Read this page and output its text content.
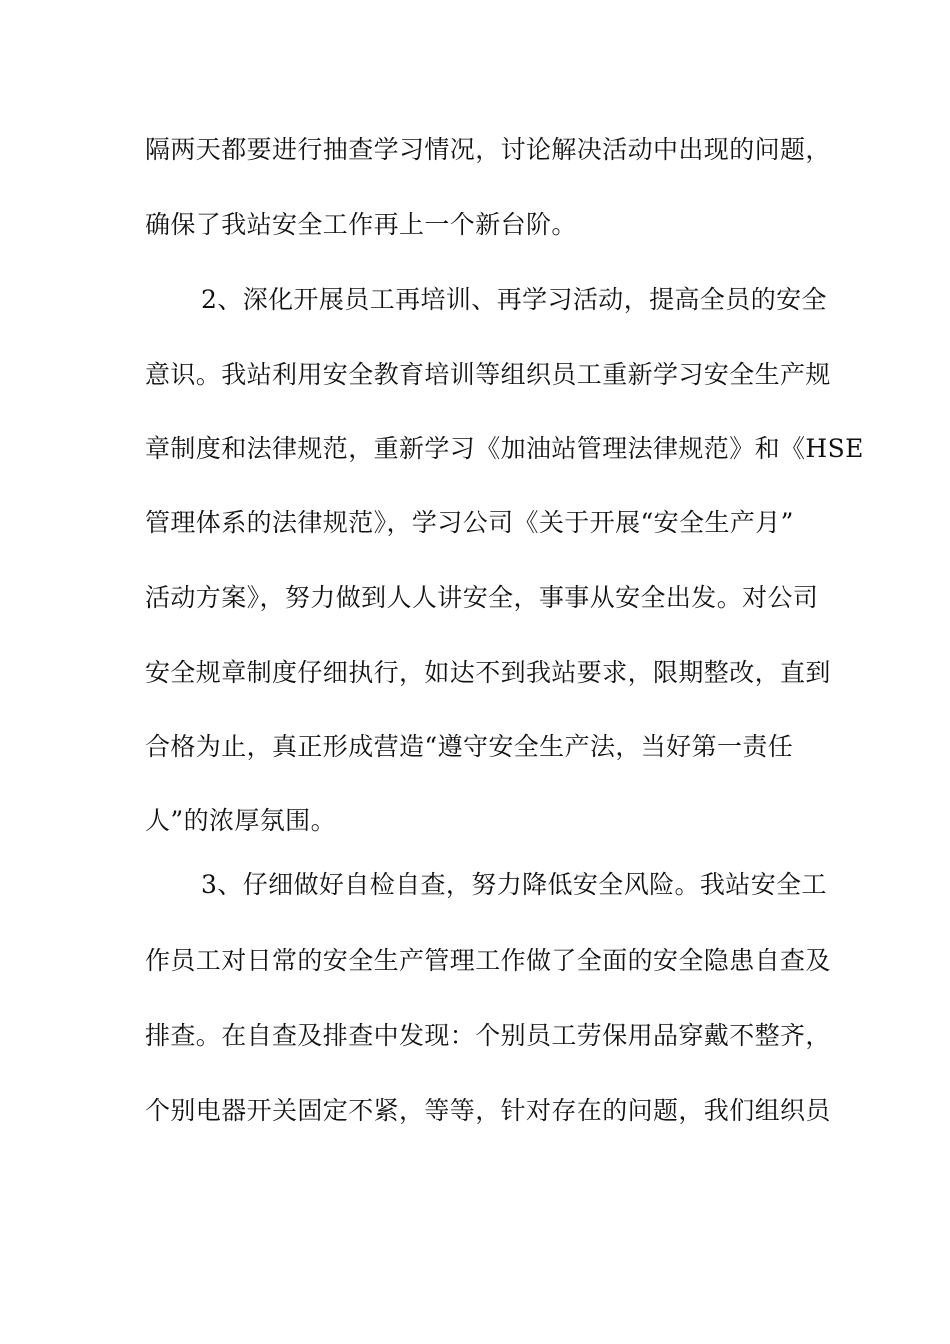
隔两天都要进行抽查学习情况，讨论解决活动中出现的问题，
确保了我站安全工作再上一个新台阶。
2、深化开展员工再培训、再学习活动，提高全员的安全
意识。我站利用安全教育培训等组织员工重新学习安全生产规
章制度和法律规范，重新学习《加油站管理法律规范》和《HSE
管理体系的法律规范》，学习公司《关于开展“安全生产月”
活动方案》，努力做到人人讲安全，事事从安全出发。对公司
安全规章制度仔细执行，如达不到我站要求，限期整改，直到
合格为止，真正形成营造“遵守安全生产法，当好第一责任
人”的浓厚氛围。
3、仔细做好自检自查，努力降低安全风险。我站安全工
作员工对日常的安全生产管理工作做了全面的安全隐患自查及
排查。在自查及排查中发现：个别员工劳保用品穿戴不整齐，
个别电器开关固定不紧，等等，针对存在的问题，我们组织员
